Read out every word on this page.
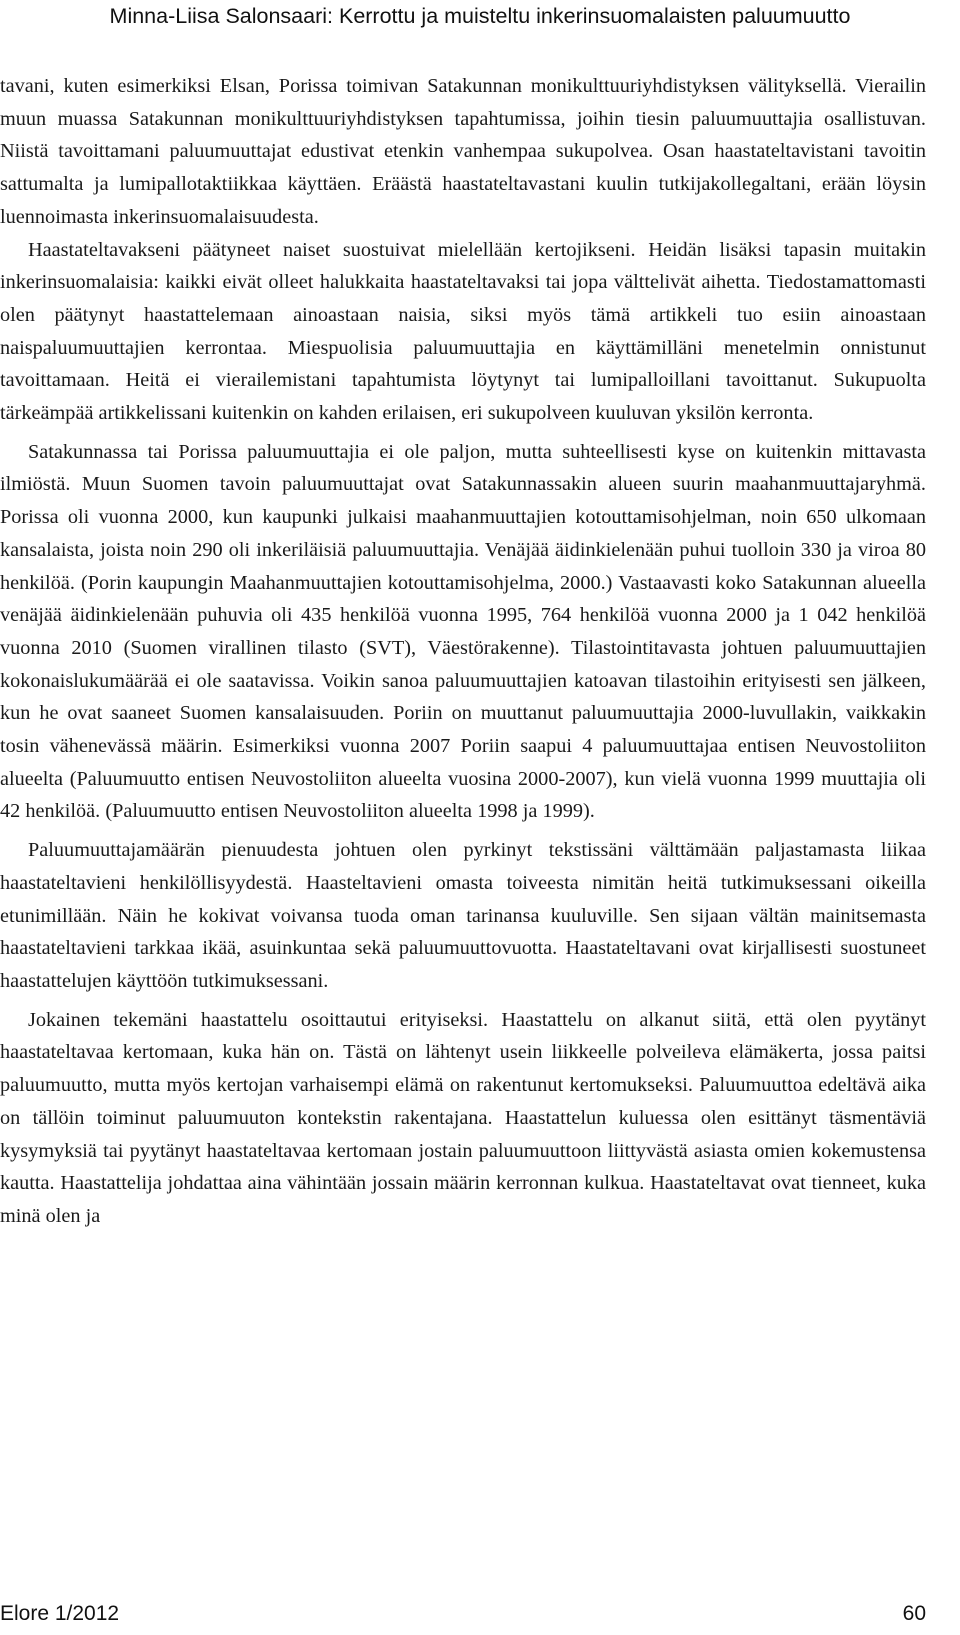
Minna-Liisa Salonsaari: Kerrottu ja muisteltu inkerinsuomalaisten paluumuutto

tavani, kuten esimerkiksi Elsan, Porissa toimivan Satakunnan monikulttuuriyhdistyksen välityksellä. Vierailin muun muassa Satakunnan monikulttuuriyhdistyksen tapahtumissa, joihin tiesin paluumuuttajia osallistuvan. Niistä tavoittamani paluumuuttajat edustivat etenkin vanhempaa sukupolvea. Osan haastateltavistani tavoitin sattumalta ja lumipallotaktiikkaa käyttäen. Eräästä haastateltavastani kuulin tutkijakollegaltani, erään löysin luennoimasta inkerinsuomalaisuudesta.

Haastateltavakseni päätyneet naiset suostuivat mielellään kertojikseni. Heidän lisäksi tapasin muitakin inkerinsuomalaisia: kaikki eivät olleet halukkaita haastateltavaksi tai jopa välttelivät aihetta. Tiedostamattomasti olen päätynyt haastattelemaan ainoastaan naisia, siksi myös tämä artikkeli tuo esiin ainoastaan naispaluumuuttajien kerrontaa. Miespuolisia paluumuuttajia en käyttämilläni menetelmin onnistunut tavoittamaan. Heitä ei vierailemistani tapahtumista löytynyt tai lumipalloillani tavoittanut. Sukupuolta tärkeämpää artikkelissani kuitenkin on kahden erilaisen, eri sukupolveen kuuluvan yksilön kerronta.

Satakunnassa tai Porissa paluumuuttajia ei ole paljon, mutta suhteellisesti kyse on kuitenkin mittavasta ilmiöstä. Muun Suomen tavoin paluumuuttajat ovat Satakunnassakin alueen suurin maahanmuuttajaryhmä. Porissa oli vuonna 2000, kun kaupunki julkaisi maahanmuuttajien kotouttamisohjelman, noin 650 ulkomaan kansalaista, joista noin 290 oli inkeriläisiä paluumuuttajia. Venäjää äidinkielenään puhui tuolloin 330 ja viroa 80 henkilöä. (Porin kaupungin Maahanmuuttajien kotouttamisohjelma, 2000.) Vastaavasti koko Satakunnan alueella venäjää äidinkielenään puhuvia oli 435 henkilöä vuonna 1995, 764 henkilöä vuonna 2000 ja 1 042 henkilöä vuonna 2010 (Suomen virallinen tilasto (SVT), Väestörakenne). Tilastointitavasta johtuen paluumuuttajien kokonaislukumäärää ei ole saatavissa. Voikin sanoa paluumuuttajien katoavan tilastoihin erityisesti sen jälkeen, kun he ovat saaneet Suomen kansalaisuuden. Poriin on muuttanut paluumuuttajia 2000-luvullakin, vaikkakin tosin vähenevässä määrin. Esimerkiksi vuonna 2007 Poriin saapui 4 paluumuuttajaa entisen Neuvostoliiton alueelta (Paluumuutto entisen Neuvostoliiton alueelta vuosina 2000-2007), kun vielä vuonna 1999 muuttajia oli 42 henkilöä. (Paluumuutto entisen Neuvostoliiton alueelta 1998 ja 1999).

Paluumuuttajamäärän pienuudesta johtuen olen pyrkinyt tekstissäni välttämään paljastamasta liikaa haastateltavieni henkilöllisyydestä. Haasteltavieni omasta toiveesta nimitän heitä tutkimuksessani oikeilla etunimillään. Näin he kokivat voivansa tuoda oman tarinansa kuuluville. Sen sijaan vältän mainitsemasta haastateltavieni tarkkaa ikää, asuinkuntaa sekä paluumuuttovuotta. Haastateltavani ovat kirjallisesti suostuneet haastattelujen käyttöön tutkimuksessani.

Jokainen tekemäni haastattelu osoittautui erityiseksi. Haastattelu on alkanut siitä, että olen pyytänyt haastateltavaa kertomaan, kuka hän on. Tästä on lähtenyt usein liikkeelle polveileva elämäkerta, jossa paitsi paluumuutto, mutta myös kertojan varhaisempi elämä on rakentunut kertomukseksi. Paluumuuttoa edeltävä aika on tällöin toiminut paluumuuton kontekstin rakentajana. Haastattelun kuluessa olen esittänyt täsmentäviä kysymyksiä tai pyytänyt haastateltavaa kertomaan jostain paluumuuttoon liittyvästä asiasta omien kokemustensa kautta. Haastattelija johdattaa aina vähintään jossain määrin kerronnan kulkua. Haastateltavat ovat tienneet, kuka minä olen ja

Elore 1/2012	60
